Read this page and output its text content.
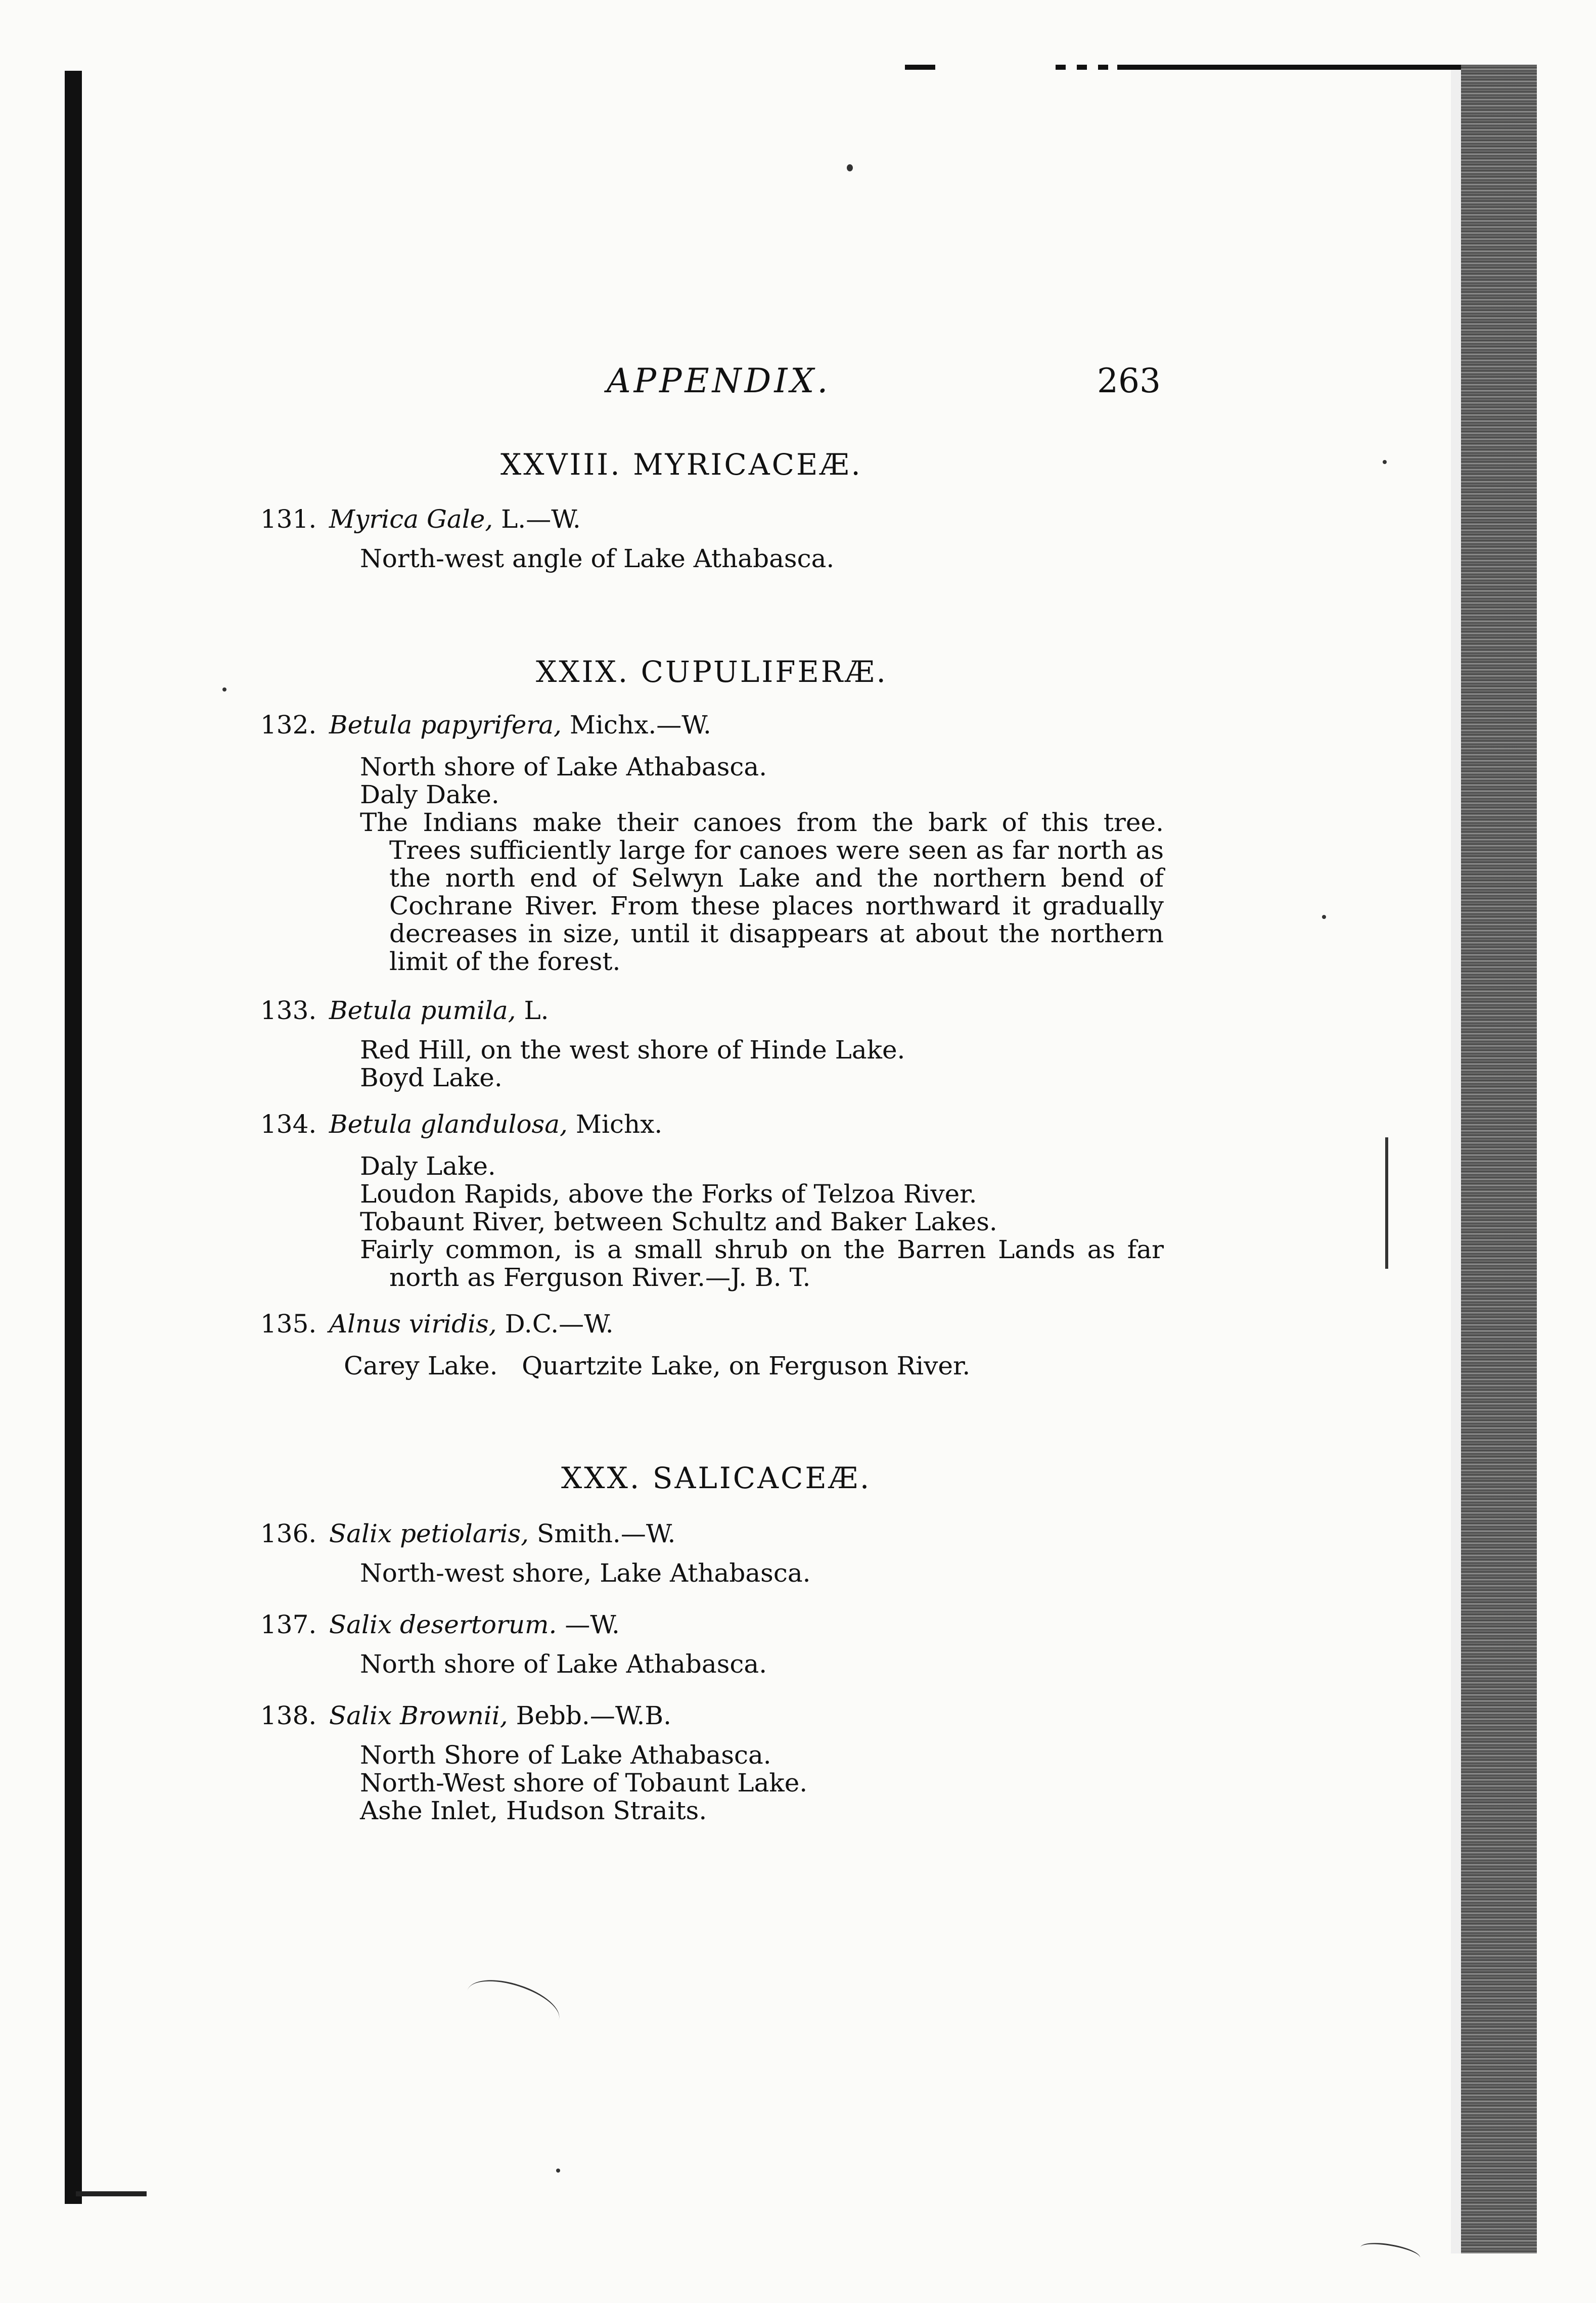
APPENDIX.	263
XXVIII. MYRICACEÆ.
131. Myrica Gale, L.—W.
North-west angle of Lake Athabasca.
XXIX. CUPULIFERÆ.
132. Betula papyrifera, Michx.—W.
North shore of Lake Athabasca.
Daly Dake.
The Indians make their canoes from the bark of this tree. Trees sufficiently large for canoes were seen as far north as the north end of Selwyn Lake and the northern bend of Cochrane River. From these places northward it gradually decreases in size, until it disappears at about the northern limit of the forest.
133. Betula pumila, L.
Red Hill, on the west shore of Hinde Lake.
Boyd Lake.
134. Betula glandulosa, Michx.
Daly Lake.
Loudon Rapids, above the Forks of Telzoa River.
Tobaunt River, between Schultz and Baker Lakes.
Fairly common, is a small shrub on the Barren Lands as far north as Ferguson River.—J. B. T.
135. Alnus viridis, D.C.—W.
Carey Lake.   Quartzite Lake, on Ferguson River.
XXX. SALICACEÆ.
136. Salix petiolaris, Smith.—W.
North-west shore, Lake Athabasca.
137. Salix desertorum. —W.
North shore of Lake Athabasca.
138. Salix Brownii, Bebb.—W.B.
North Shore of Lake Athabasca.
North-West shore of Tobaunt Lake.
Ashe Inlet, Hudson Straits.
